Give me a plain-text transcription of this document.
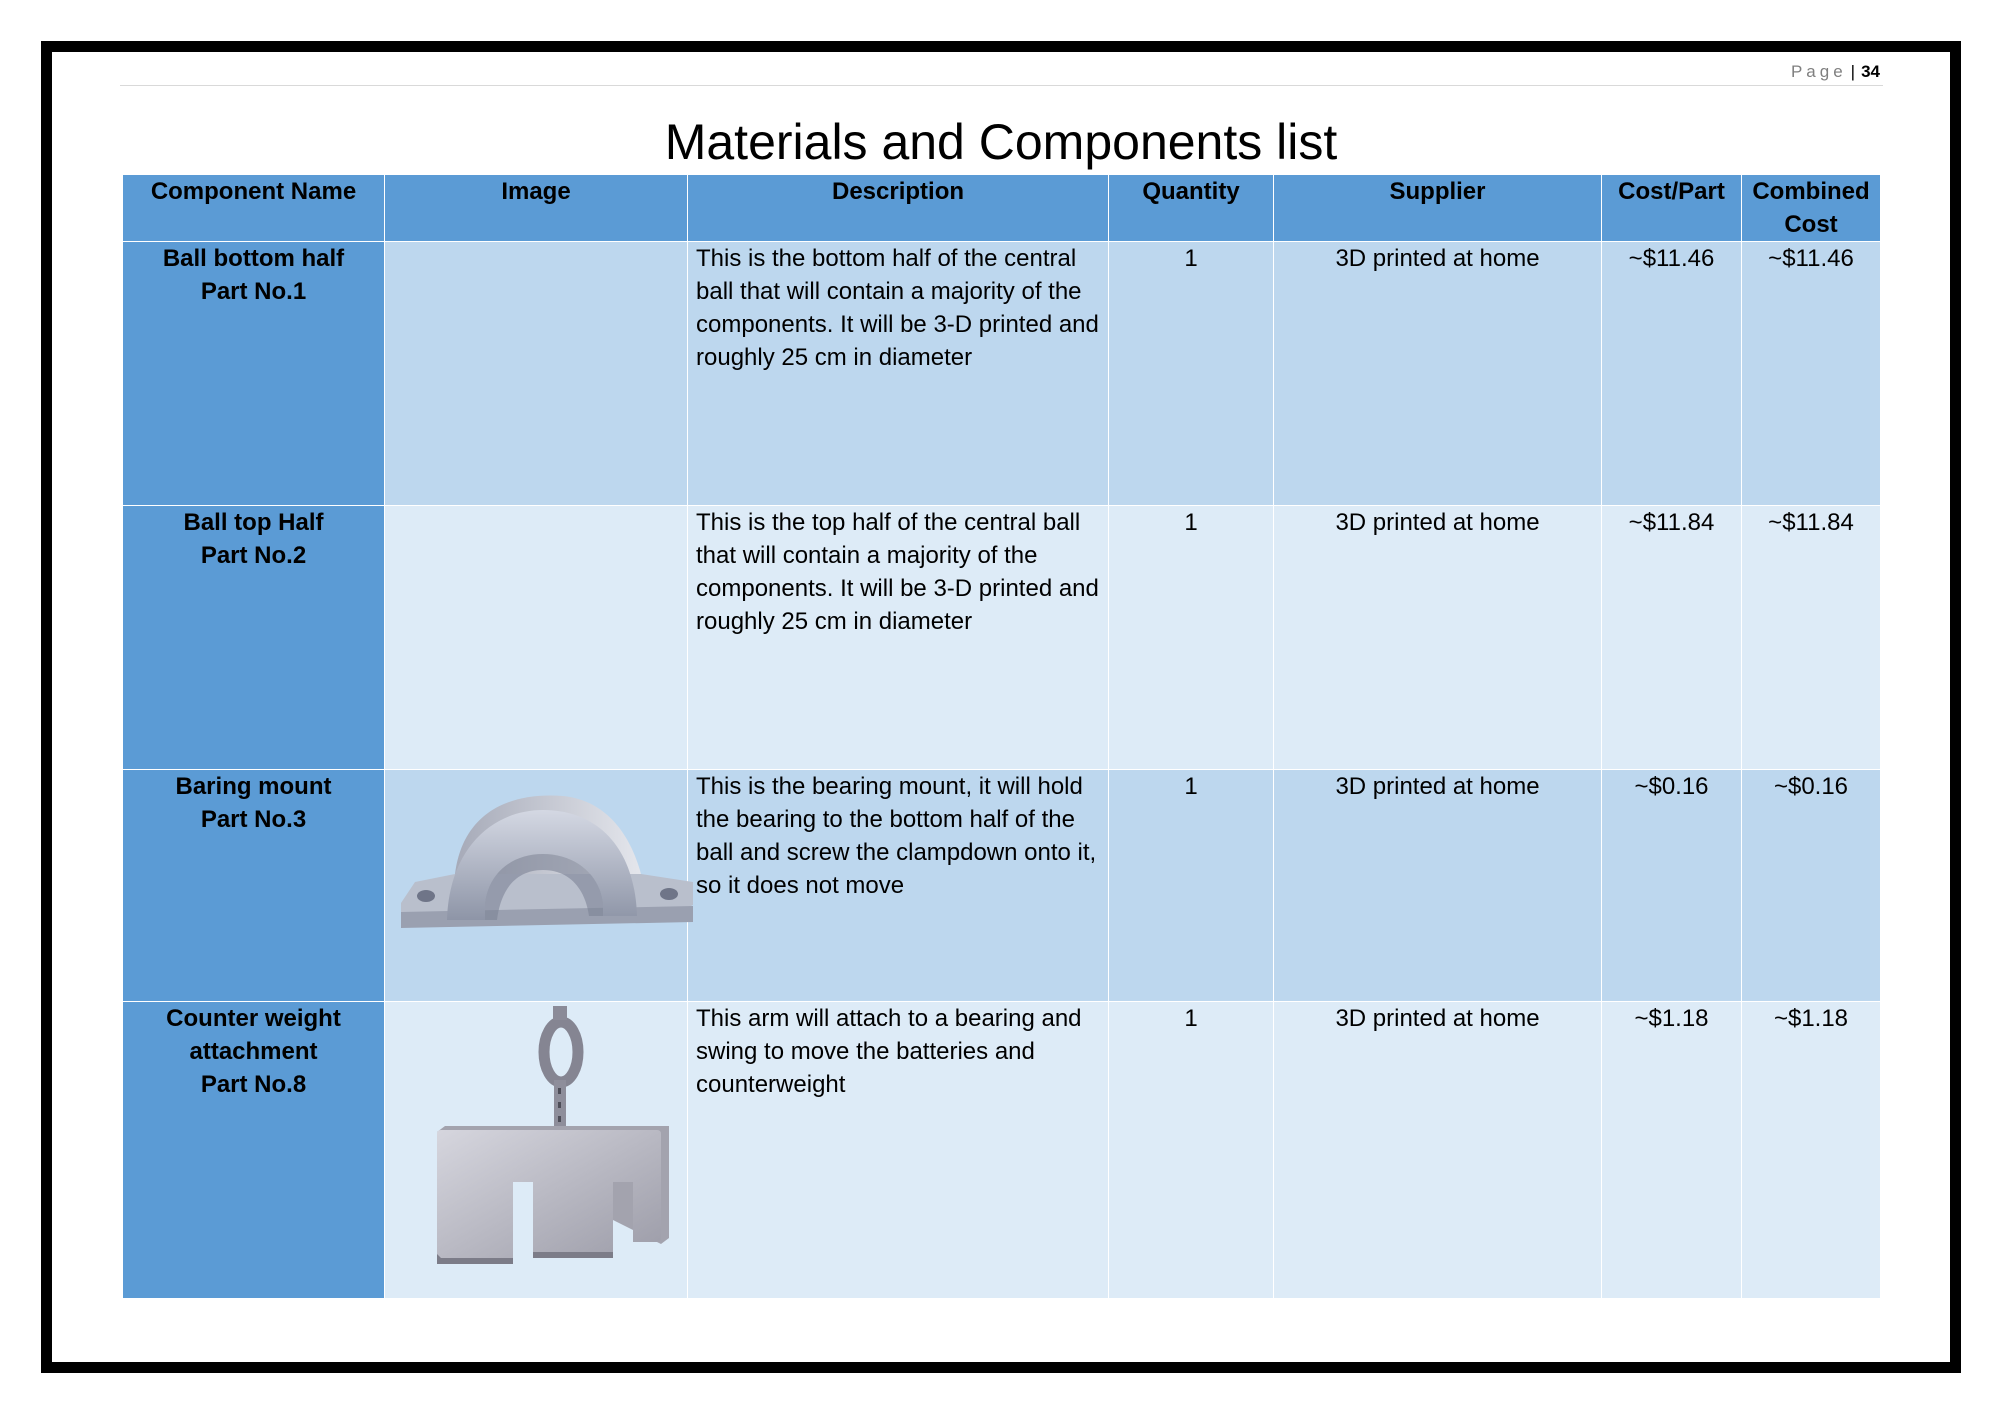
Page | 34
Materials and Components list
Component Name	Image	Description	Quantity	Supplier	Cost/Part	Combined
Cost

Ball bottom half
Part No.1		This is the bottom half of the central ball that will contain a majority of the components. It will be 3-D printed and roughly 25 cm in diameter	1	3D printed at home	~$11.46	~$11.46

Ball top Half
Part No.2		This is the top half of the central ball that will contain a majority of the components. It will be 3-D printed and roughly 25 cm in diameter	1	3D printed at home	~$11.84	~$11.84

Baring mount
Part No.3		This is the bearing mount, it will hold the bearing to the bottom half of the ball and screw the clampdown onto it, so it does not move	1	3D printed at home	~$0.16	~$0.16

Counter weight
attachment
Part No.8		This arm will attach to a bearing and swing to move the batteries and counterweight	1	3D printed at home	~$1.18	~$1.18
